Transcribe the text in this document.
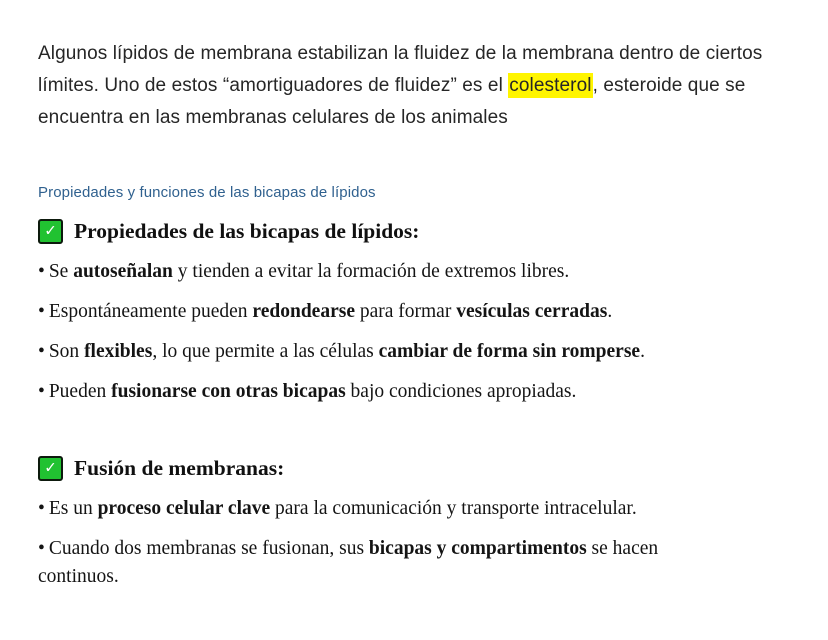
Algunos lípidos de membrana estabilizan la fluidez de la membrana dentro de ciertos límites. Uno de estos “amortiguadores de fluidez” es el colesterol, esteroide que se encuentra en las membranas celulares de los animales

Propiedades y funciones de las bicapas de lípidos
✓ Propiedades de las bicapas de lípidos:
• Se autoseñalan y tienden a evitar la formación de extremos libres.
• Espontáneamente pueden redondearse para formar vesículas cerradas.
• Son flexibles, lo que permite a las células cambiar de forma sin romperse.
• Pueden fusionarse con otras bicapas bajo condiciones apropiadas.
✓ Fusión de membranas:
• Es un proceso celular clave para la comunicación y transporte intracelular.
• Cuando dos membranas se fusionan, sus bicapas y compartimentos se hacen continuos.
